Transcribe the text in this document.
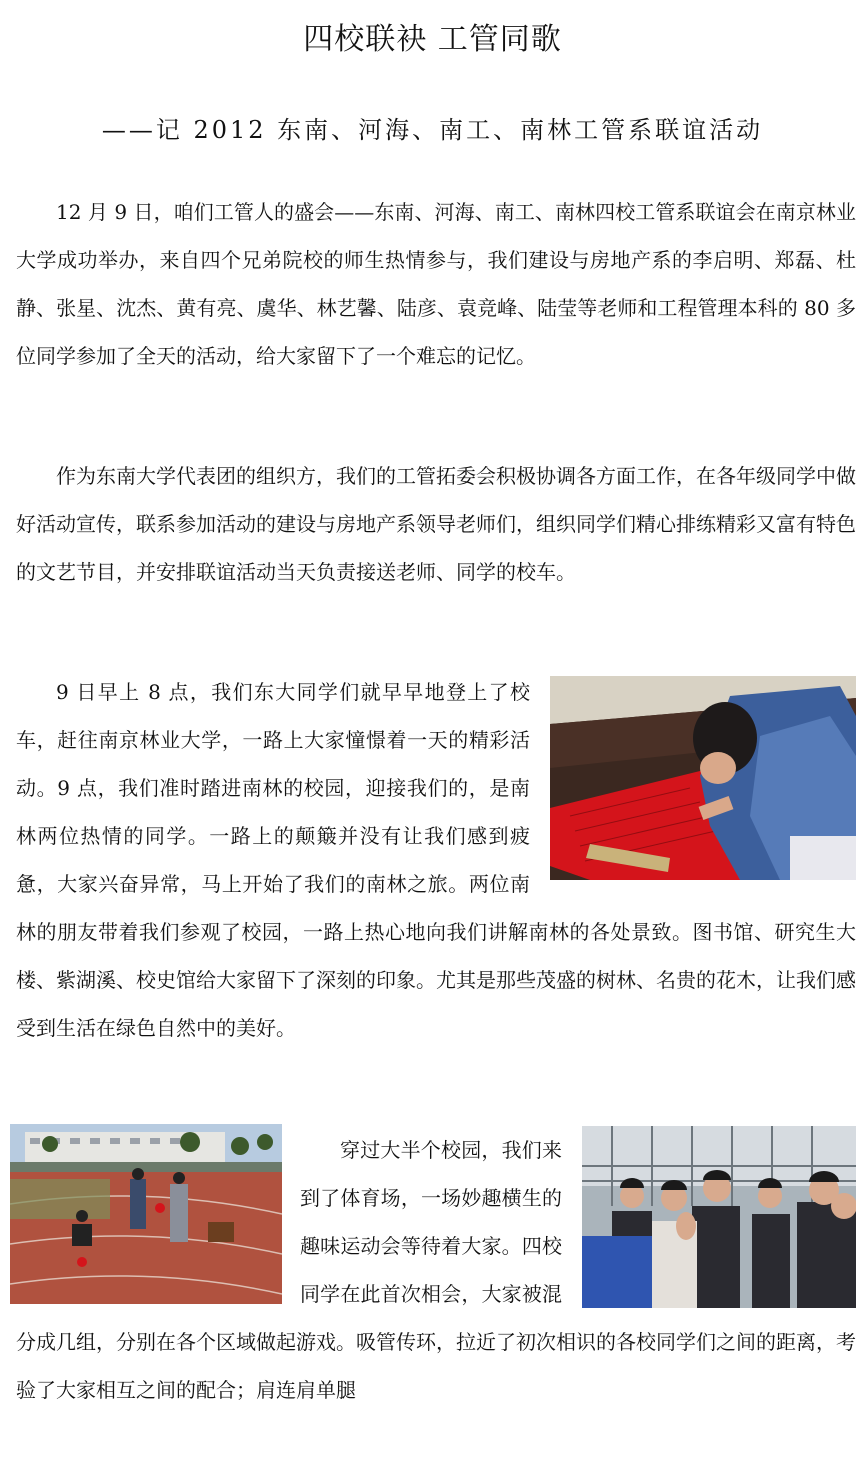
四校联袂 工管同歌
——记 2012 东南、河海、南工、南林工管系联谊活动

12 月 9 日，咱们工管人的盛会——东南、河海、南工、南林四校工管系联谊会在南京林业大学成功举办，来自四个兄弟院校的师生热情参与，我们建设与房地产系的李启明、郑磊、杜静、张星、沈杰、黄有亮、虞华、林艺馨、陆彦、袁竞峰、陆莹等老师和工程管理本科的 80 多位同学参加了全天的活动，给大家留下了一个难忘的记忆。

作为东南大学代表团的组织方，我们的工管拓委会积极协调各方面工作，在各年级同学中做好活动宣传，联系参加活动的建设与房地产系领导老师们，组织同学们精心排练精彩又富有特色的文艺节目，并安排联谊活动当天负责接送老师、同学的校车。

9 日早上 8 点，我们东大同学们就早早地登上了校车，赶往南京林业大学，一路上大家憧憬着一天的精彩活动。9 点，我们准时踏进南林的校园，迎接我们的，是南林两位热情的同学。一路上的颠簸并没有让我们感到疲惫，大家兴奋异常，马上开始了我们的南林之旅。两位南林的朋友带着我们参观了校园，一路上热心地向我们讲解南林的各处景致。图书馆、研究生大楼、紫湖溪、校史馆给大家留下了深刻的印象。尤其是那些茂盛的树林、名贵的花木，让我们感受到生活在绿色自然中的美好。
穿过大半个校园，我们来到了体育场，一场妙趣横生的趣味运动会等待着大家。四校同学在此首次相会，大家被混分成几组，分别在各个区域做起游戏。吸管传环，拉近了初次相识的各校同学们之间的距离，考验了大家相互之间的配合；肩连肩单腿
